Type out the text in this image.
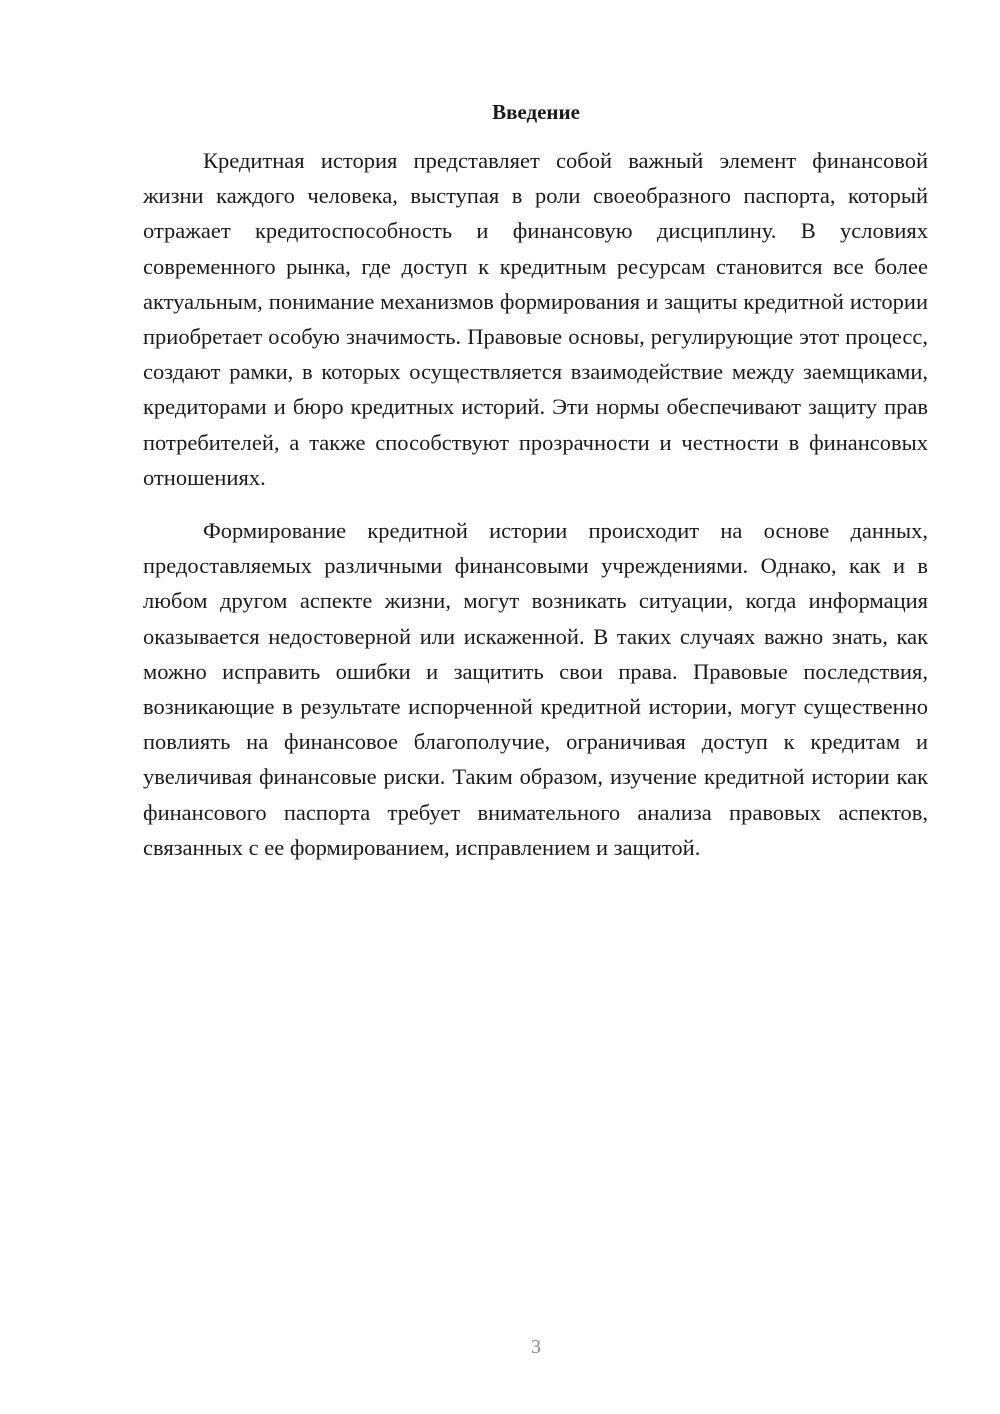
Введение

Кредитная история представляет собой важный элемент финансовой жизни каждого человека, выступая в роли своеобразного паспорта, который отражает кредитоспособность и финансовую дисциплину. В условиях современного рынка, где доступ к кредитным ресурсам становится все более актуальным, понимание механизмов формирования и защиты кредитной истории приобретает особую значимость. Правовые основы, регулирующие этот процесс, создают рамки, в которых осуществляется взаимодействие между заемщиками, кредиторами и бюро кредитных историй. Эти нормы обеспечивают защиту прав потребителей, а также способствуют прозрачности и честности в финансовых отношениях.

Формирование кредитной истории происходит на основе данных, предоставляемых различными финансовыми учреждениями. Однако, как и в любом другом аспекте жизни, могут возникать ситуации, когда информация оказывается недостоверной или искаженной. В таких случаях важно знать, как можно исправить ошибки и защитить свои права. Правовые последствия, возникающие в результате испорченной кредитной истории, могут существенно повлиять на финансовое благополучие, ограничивая доступ к кредитам и увеличивая финансовые риски. Таким образом, изучение кредитной истории как финансового паспорта требует внимательного анализа правовых аспектов, связанных с ее формированием, исправлением и защитой.

3
